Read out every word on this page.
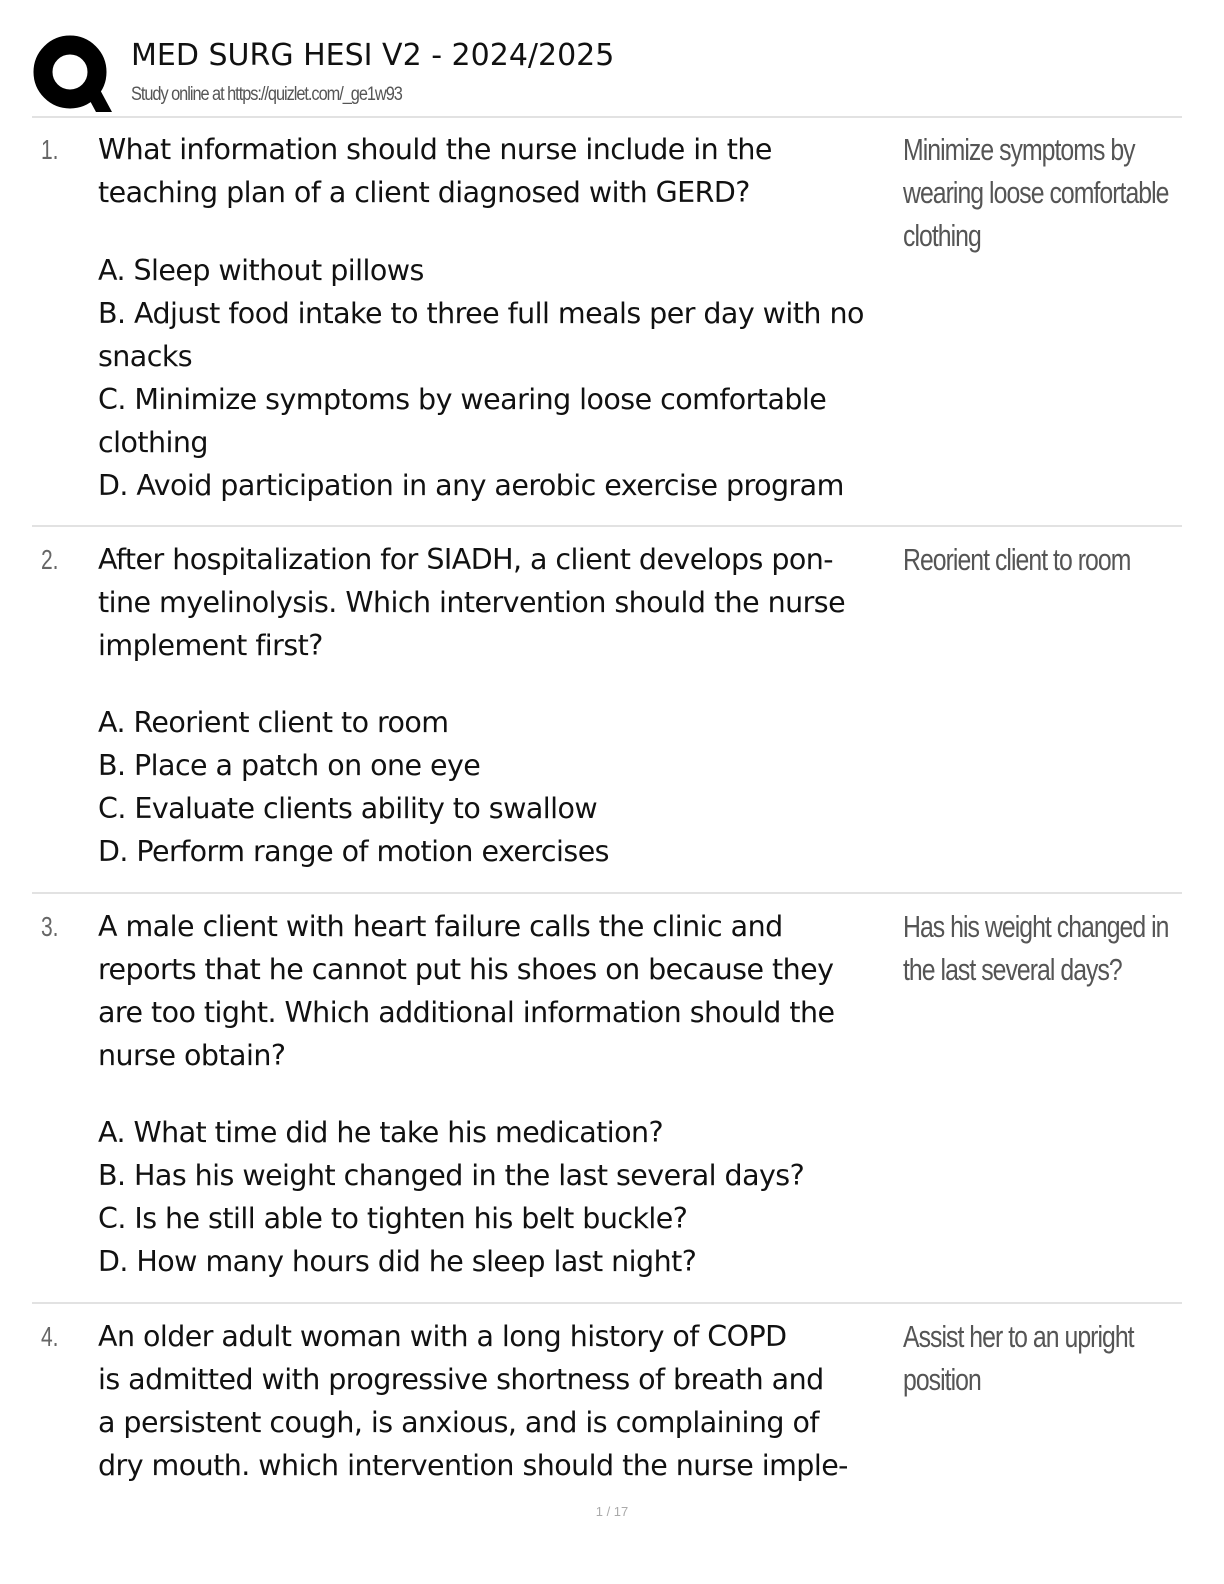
MED SURG HESI V2 - 2024/2025
Study online at https://quizlet.com/_ge1w93
1. What information should the nurse include in the

teaching plan of a client diagnosed with GERD?

A. Sleep without pillows
B. Adjust food intake to three full meals per day with no snacks
C. Minimize symptoms by wearing loose comfortable clothing
D. Avoid participation in any aerobic exercise program
Minimize symptoms by wearing loose comfortable clothing
2. After hospitalization for SIADH, a client develops pon-

tine myelinolysis. Which intervention should the nurse

implement first?

A. Reorient client to room
B. Place a patch on one eye
C. Evaluate clients ability to swallow
D. Perform range of motion exercises
Reorient client to room
3. A male client with heart failure calls the clinic and

reports that he cannot put his shoes on because they

are too tight. Which additional information should the

nurse obtain?

A. What time did he take his medication?
B. Has his weight changed in the last several days?
C. Is he still able to tighten his belt buckle?
D. How many hours did he sleep last night?
Has his weight changed in the last several days?
4. An older adult woman with a long history of COPD

is admitted with progressive shortness of breath and

a persistent cough, is anxious, and is complaining of

dry mouth. which intervention should the nurse imple-

Assist her to an upright position
1 / 17
